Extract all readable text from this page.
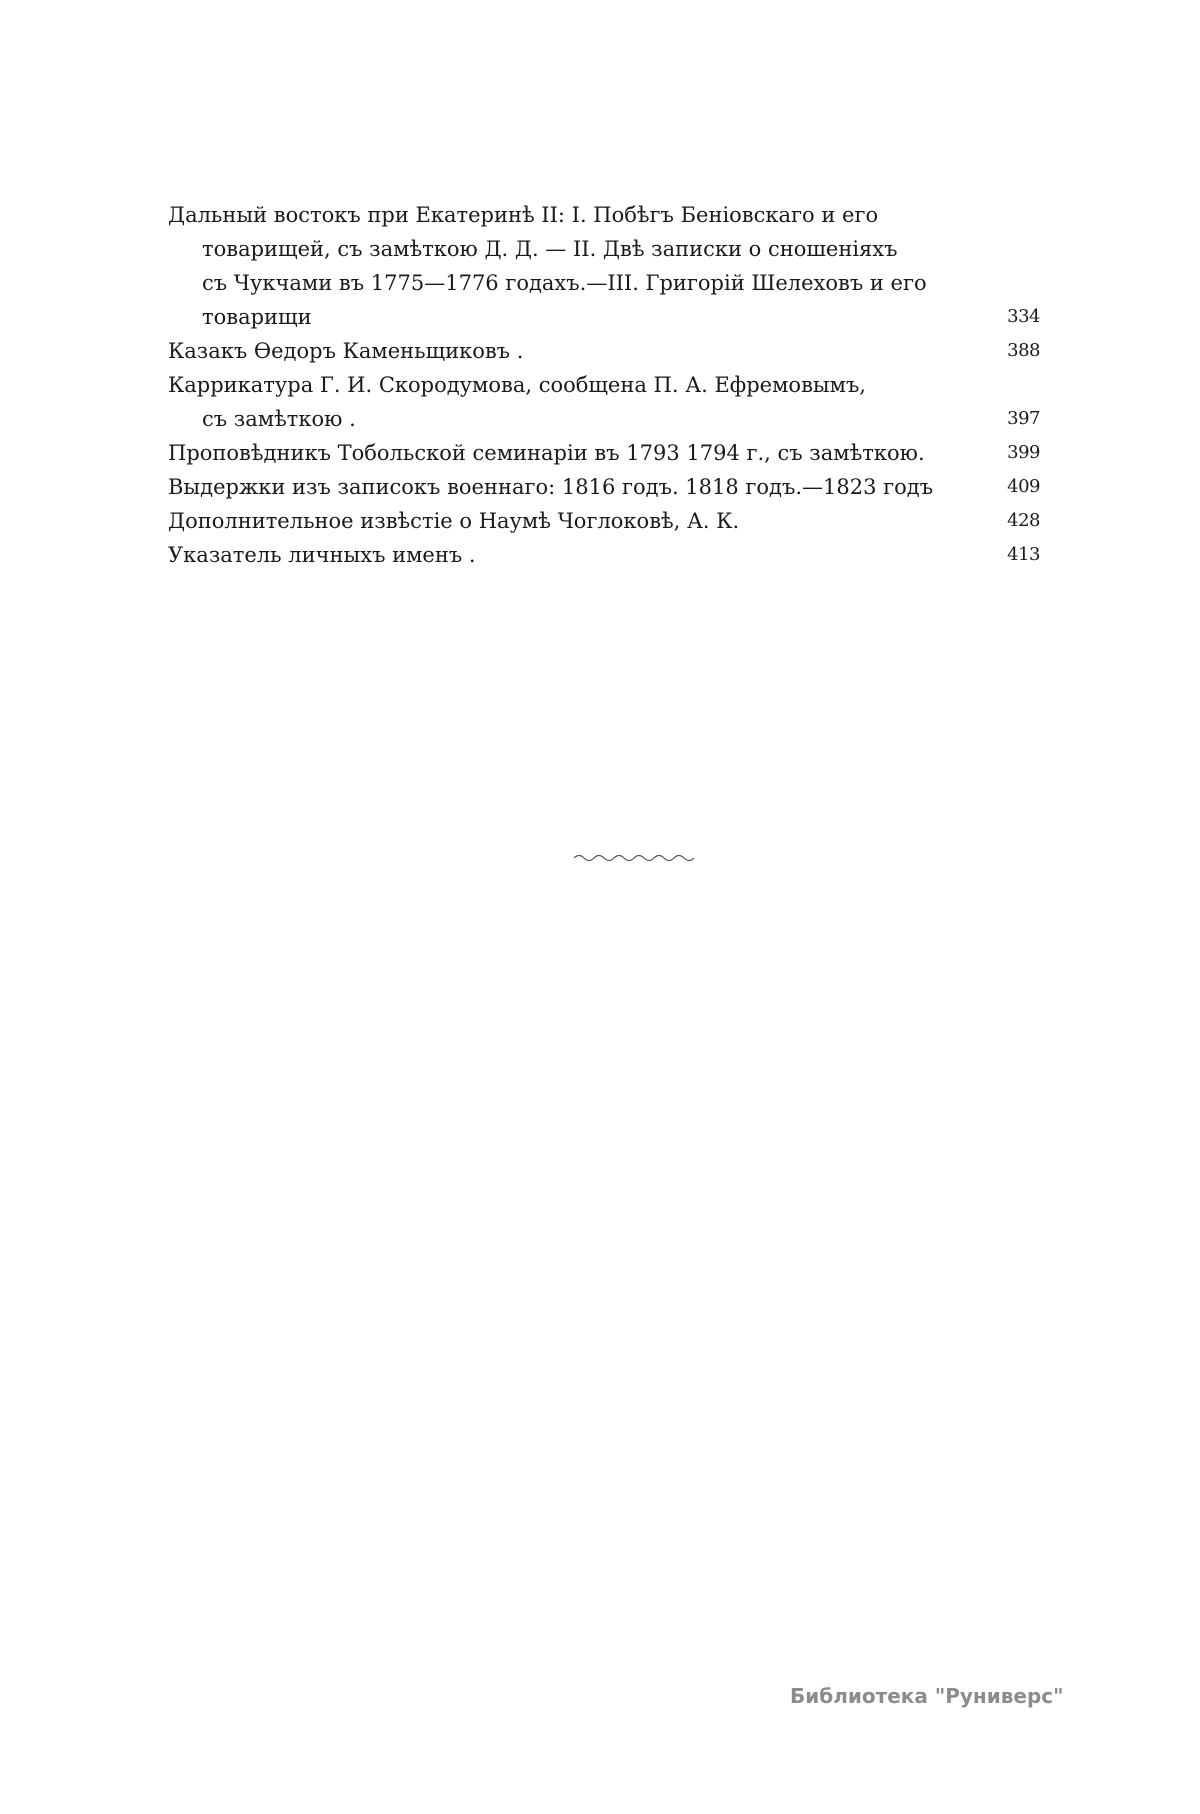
Дальный востокъ при Екатеринѣ II: I. Побѣгъ Беніовскаго и его
товарищей, съ замѣткою Д. Д. — II. Двѣ записки о сношеніяхъ
съ Чукчами въ 1775—1776 годахъ.—III. Григорій Шелеховъ и его
товарищи	334
Казакъ Ѳедоръ Каменьщиковъ .	388
Каррикатура Г. И. Скородумова, сообщена П. А. Ефремовымъ,
съ замѣткою .	397
Проповѣдникъ Тобольской семинаріи въ 1793 1794 г., съ замѣткою.	399
Выдержки изъ записокъ военнаго: 1816 годъ. 1818 годъ.—1823 годъ	409
Дополнительное извѣстіе о Наумѣ Чоглоковѣ, А. К.	428
Указатель личныхъ именъ .	413
Библиотека "Руниверс"
